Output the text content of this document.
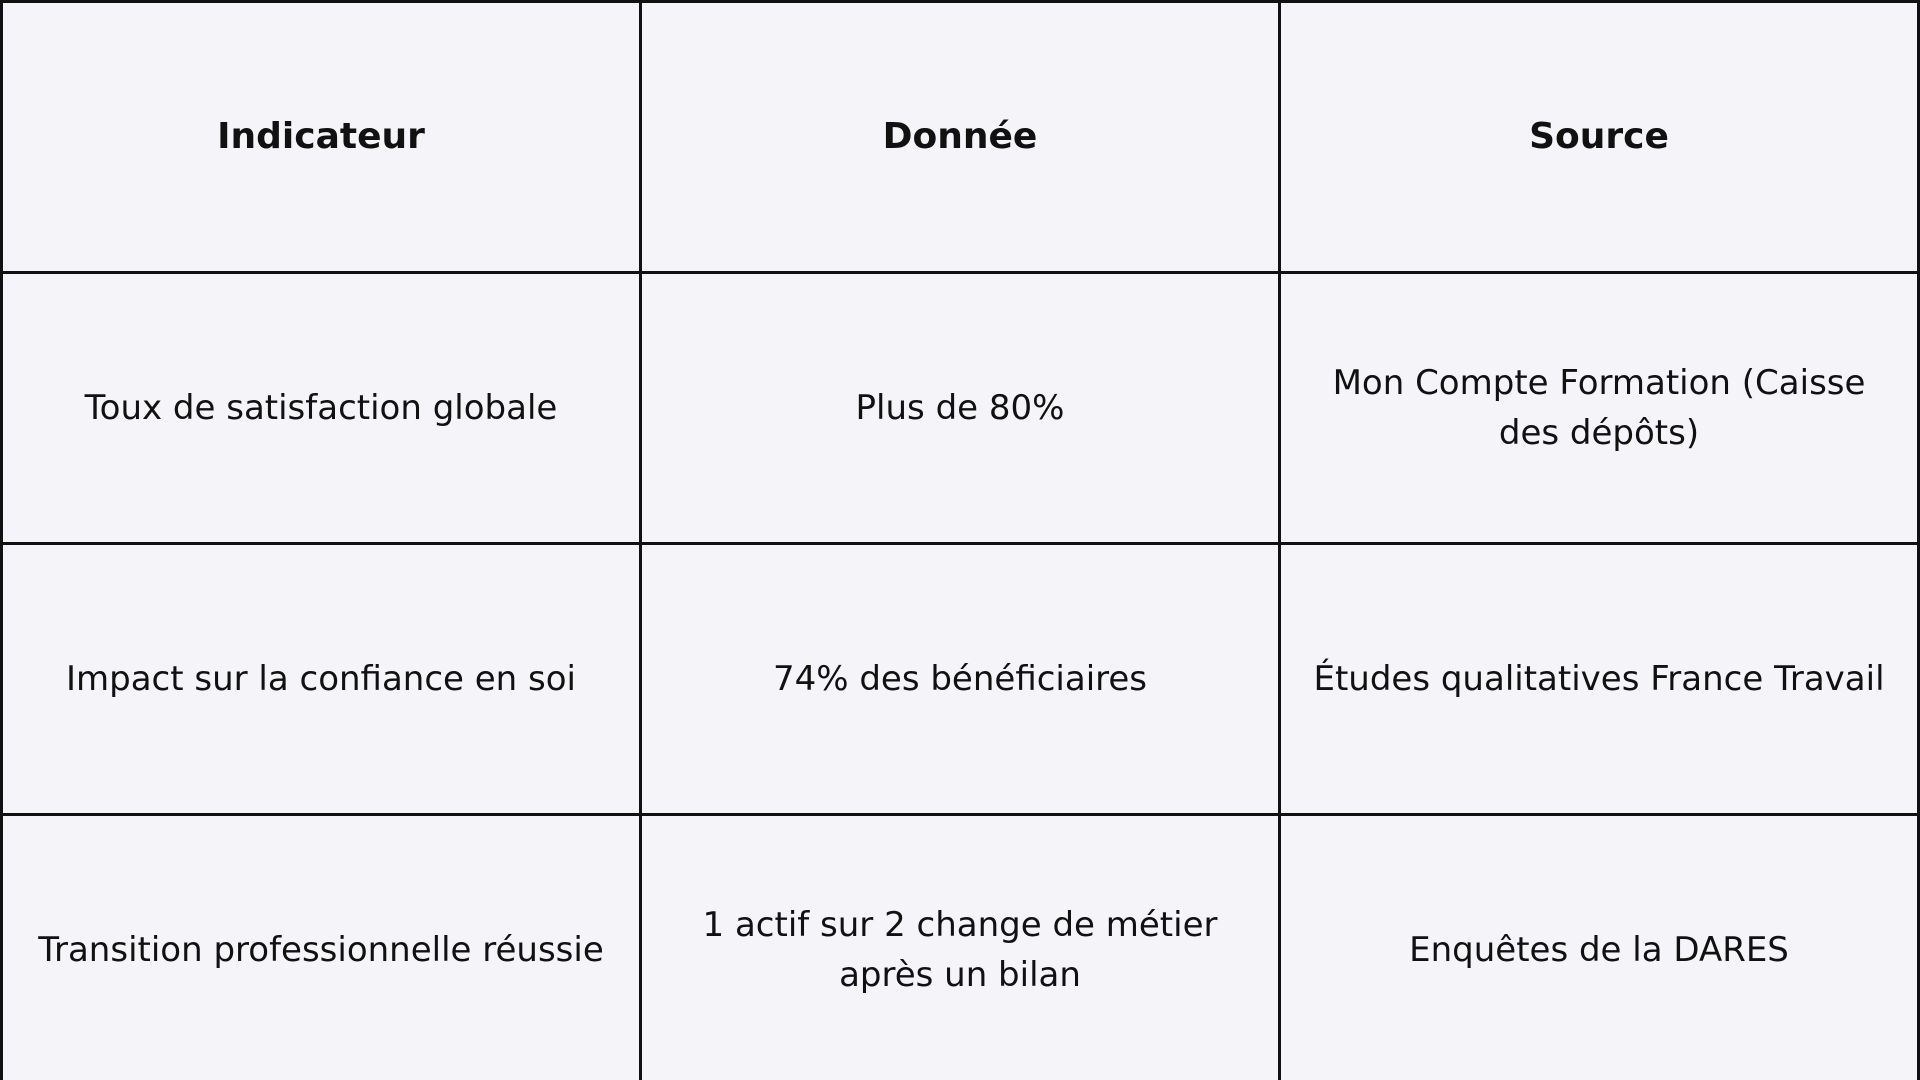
Indicateur	Donnée	Source
Toux de satisfaction globale	Plus de 80%	Mon Compte Formation (Caisse des dépôts)
Impact sur la confiance en soi	74% des bénéficiaires	Études qualitatives France Travail
Transition professionnelle réussie	1 actif sur 2 change de métier après un bilan	Enquêtes de la DARES
